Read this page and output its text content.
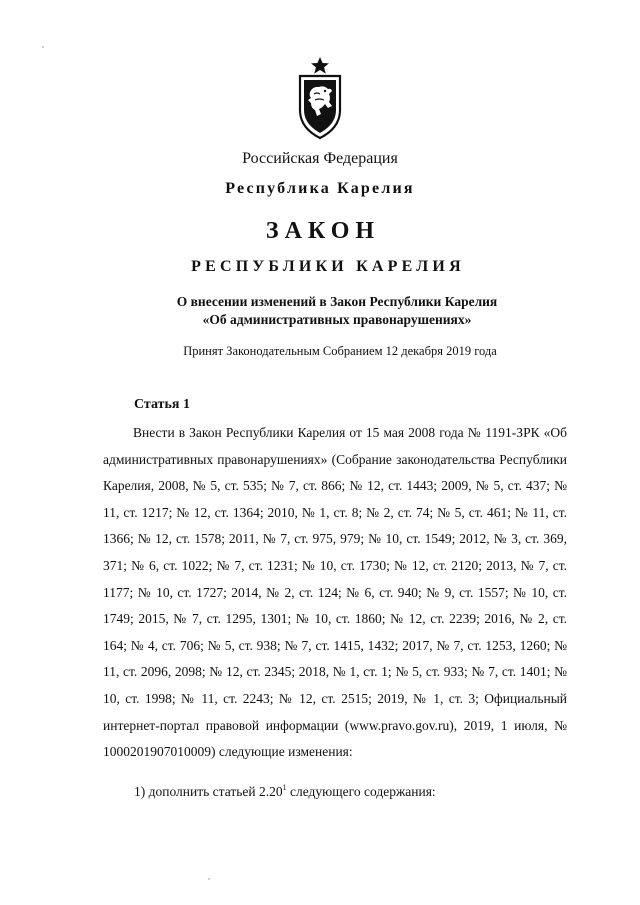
Российская Федерация
Республика Карелия
ЗАКОН
РЕСПУБЛИКИ КАРЕЛИЯ
О внесении изменений в Закон Республики Карелия
«Об административных правонарушениях»
Принят Законодательным Собранием 12 декабря 2019 года
Статья 1

Внести в Закон Республики Карелия от 15 мая 2008 года № 1191-ЗРК «Об административных правонарушениях» (Собрание законодательства Республики Карелия, 2008, № 5, ст. 535; № 7, ст. 866; № 12, ст. 1443; 2009, № 5, ст. 437; № 11, ст. 1217; № 12, ст. 1364; 2010, № 1, ст. 8; № 2, ст. 74; № 5, ст. 461; № 11, ст. 1366; № 12, ст. 1578; 2011, № 7, ст. 975, 979; № 10, ст. 1549; 2012, № 3, ст. 369, 371; № 6, ст. 1022; № 7, ст. 1231; № 10, ст. 1730; № 12, ст. 2120; 2013, № 7, ст. 1177; № 10, ст. 1727; 2014, № 2, ст. 124; № 6, ст. 940; № 9, ст. 1557; № 10, ст. 1749; 2015, № 7, ст. 1295, 1301; № 10, ст. 1860; № 12, ст. 2239; 2016, № 2, ст. 164; № 4, ст. 706; № 5, ст. 938; № 7, ст. 1415, 1432; 2017, № 7, ст. 1253, 1260; № 11, ст. 2096, 2098; № 12, ст. 2345; 2018, № 1, ст. 1; № 5, ст. 933; № 7, ст. 1401; № 10, ст. 1998; № 11, ст. 2243; № 12, ст. 2515; 2019, № 1, ст. 3; Официальный интернет-портал правовой информации (www.pravo.gov.ru), 2019, 1 июля, № 1000201907010009) следующие изменения:

1) дополнить статьей 2.20$^1$ следующего содержания:
